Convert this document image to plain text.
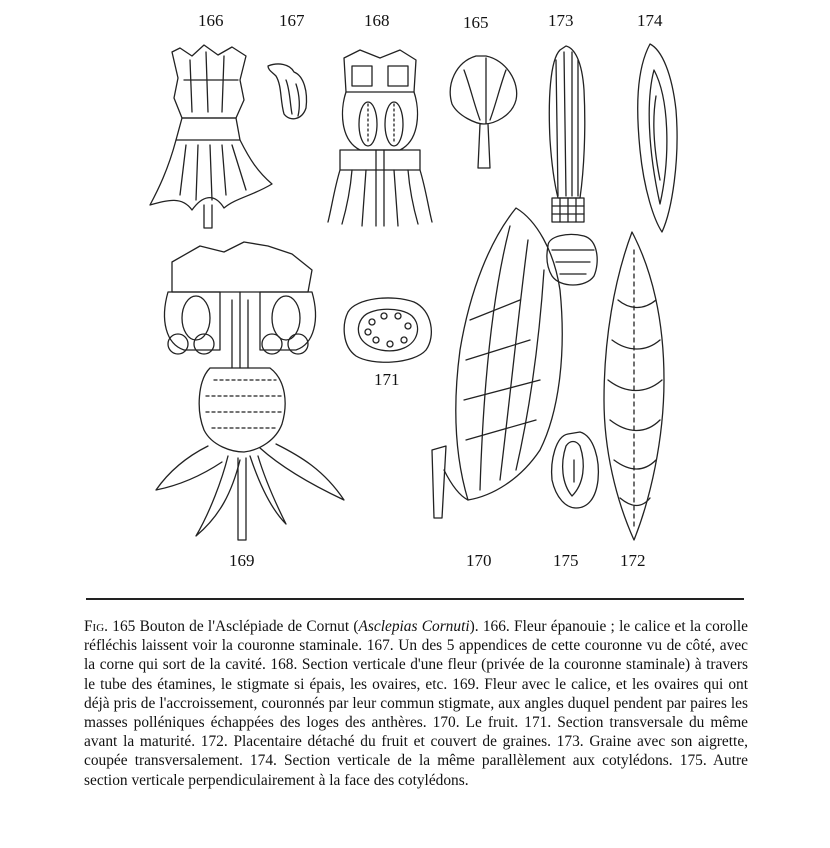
166	167	168	165	173	174
171
169	170	175 172
Fig. 165 Bouton de l'Asclépiade de Cornut (Asclepias Cornuti). 166. Fleur épanouie ; le calice et la corolle réfléchis laissent voir la couronne staminale. 167. Un des 5 appendices de cette couronne vu de côté, avec la corne qui sort de la cavité. 168. Section verticale d'une fleur (privée de la couronne staminale) à travers le tube des étamines, le stigmate si épais, les ovaires, etc. 169. Fleur avec le calice, et les ovaires qui ont déjà pris de l'accroissement, couronnés par leur commun stigmate, aux angles duquel pendent par paires les masses polléniques échappées des loges des anthères. 170. Le fruit. 171. Section transversale du même avant la maturité. 172. Placentaire détaché du fruit et couvert de graines. 173. Graine avec son aigrette, coupée transversalement. 174. Section verticale de la même parallèlement aux cotylédons. 175. Autre section verticale perpendiculairement à la face des cotylédons.
